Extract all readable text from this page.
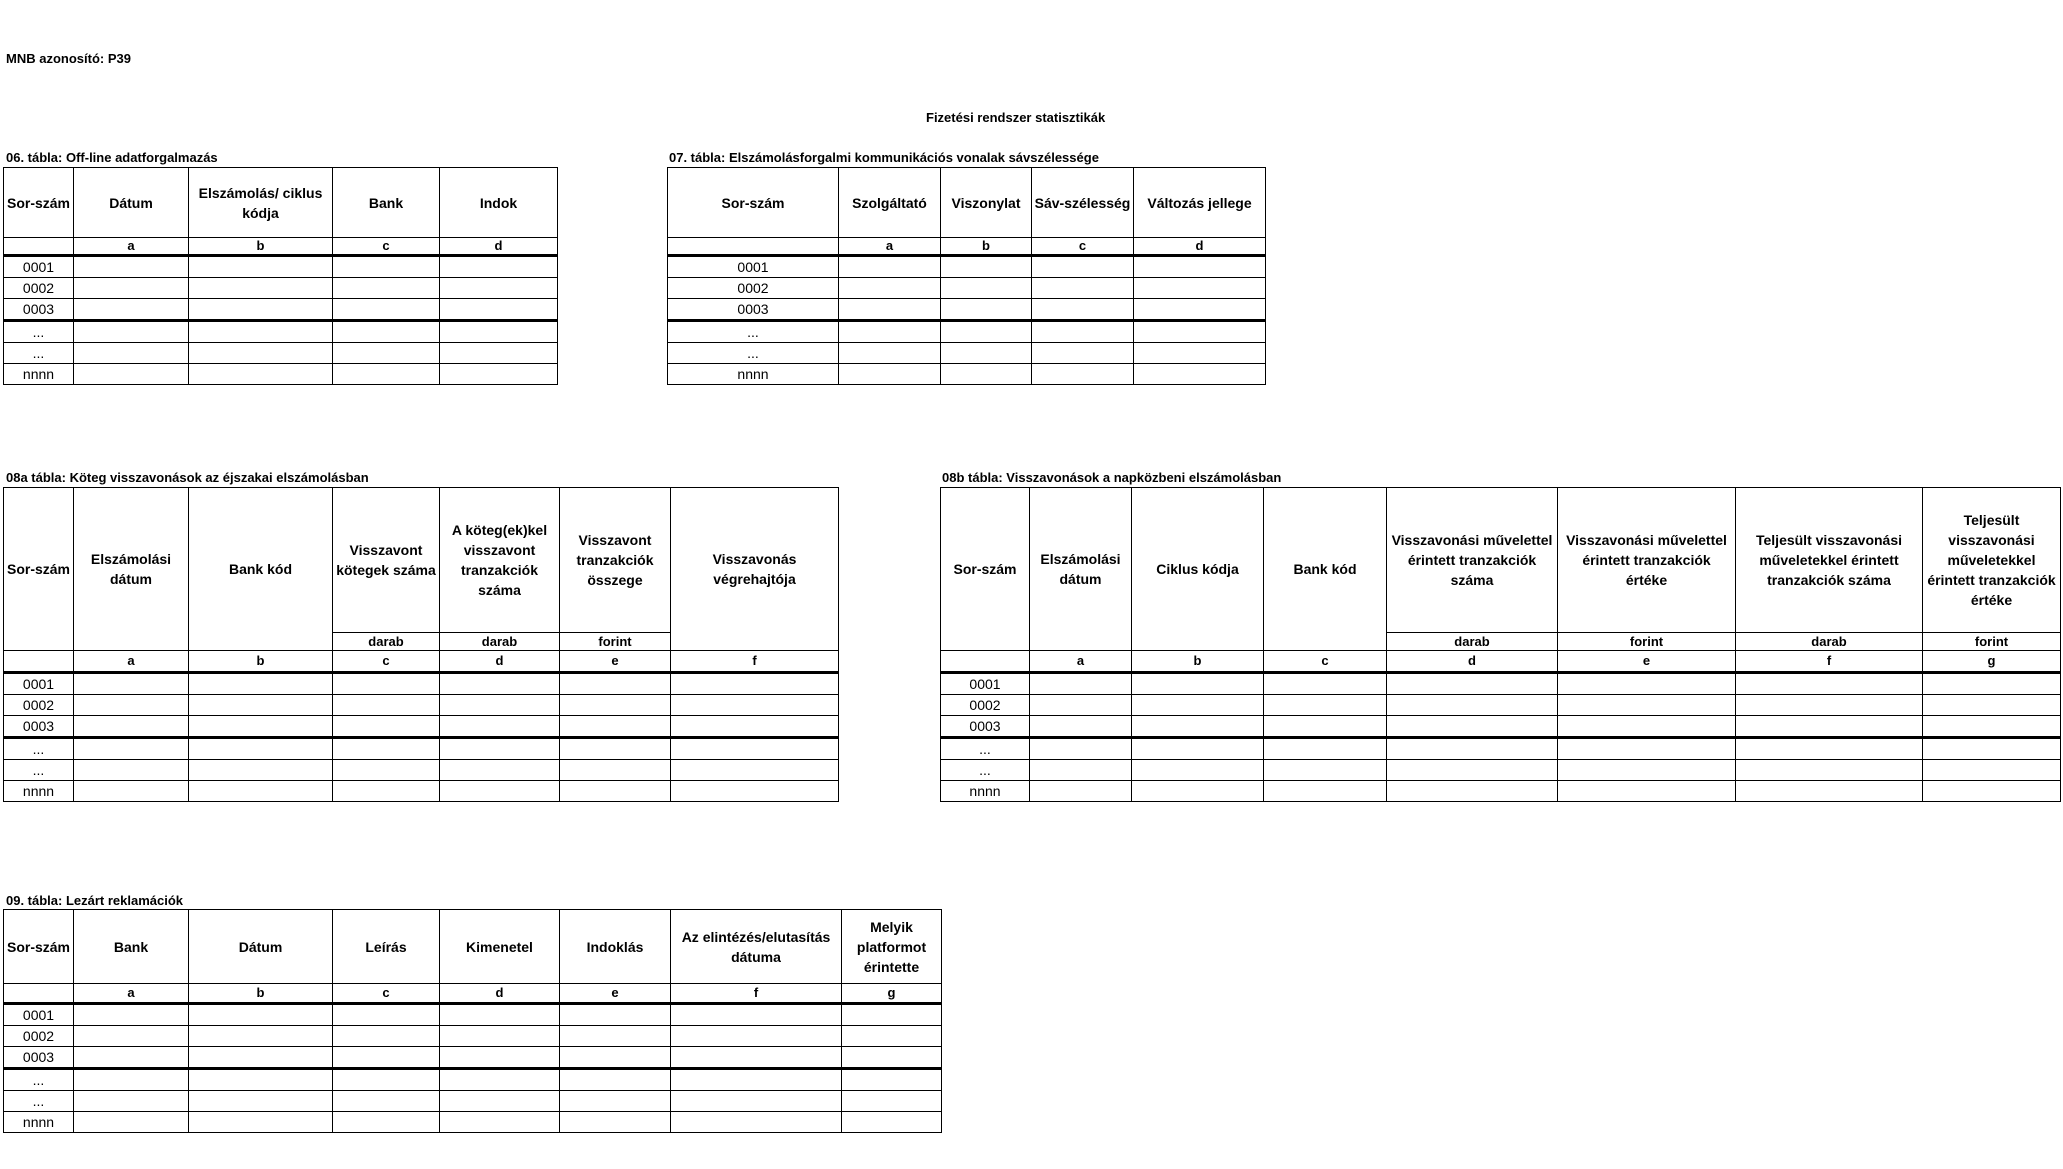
MNB azonosító: P39
Fizetési rendszer statisztikák
06. tábla: Off-line adatforgalmazás	07. tábla: Elszámolásforgalmi kommunikációs vonalak sávszélessége
08a tábla: Köteg visszavonások az éjszakai elszámolásban	08b tábla: Visszavonások a napközbeni elszámolásban
09. tábla: Lezárt reklamációk
Sor-szám	Dátum	Elszámolás/ ciklus kódja	Bank	Indok
	a	b	c	d
0001				
0002				
0003				
...				
...				
nnnn				
Sor-szám	Szolgáltató	Viszonylat	Sáv-szélesség	Változás jellege
	a	b	c	d
0001				
0002				
0003				
...				
...				
nnnn				
Sor-szám	Elszámolási dátum	Bank kód	Visszavont kötegek száma	A köteg(ek)kel visszavont tranzakciók száma	Visszavont tranzakciók összege	Visszavonás végrehajtója
			darab	darab	forint	
	a	b	c	d	e	f
0001						
0002						
0003						
...						
...						
nnnn						
Sor-szám	Elszámolási dátum	Ciklus kódja	Bank kód	Visszavonási művelettel érintett tranzakciók száma	Visszavonási művelettel érintett tranzakciók értéke	Teljesült visszavonási műveletekkel érintett tranzakciók száma	Teljesült visszavonási műveletekkel érintett tranzakciók értéke
				darab	forint	darab	forint
	a	b	c	d	e	f	g
0001							
0002							
0003							
...							
...							
nnnn							
Sor-szám	Bank	Dátum	Leírás	Kimenetel	Indoklás	Az elintézés/elutasítás dátuma	Melyik platformot érintette
	a	b	c	d	e	f	g
0001							
0002							
0003							
...							
...							
nnnn							
